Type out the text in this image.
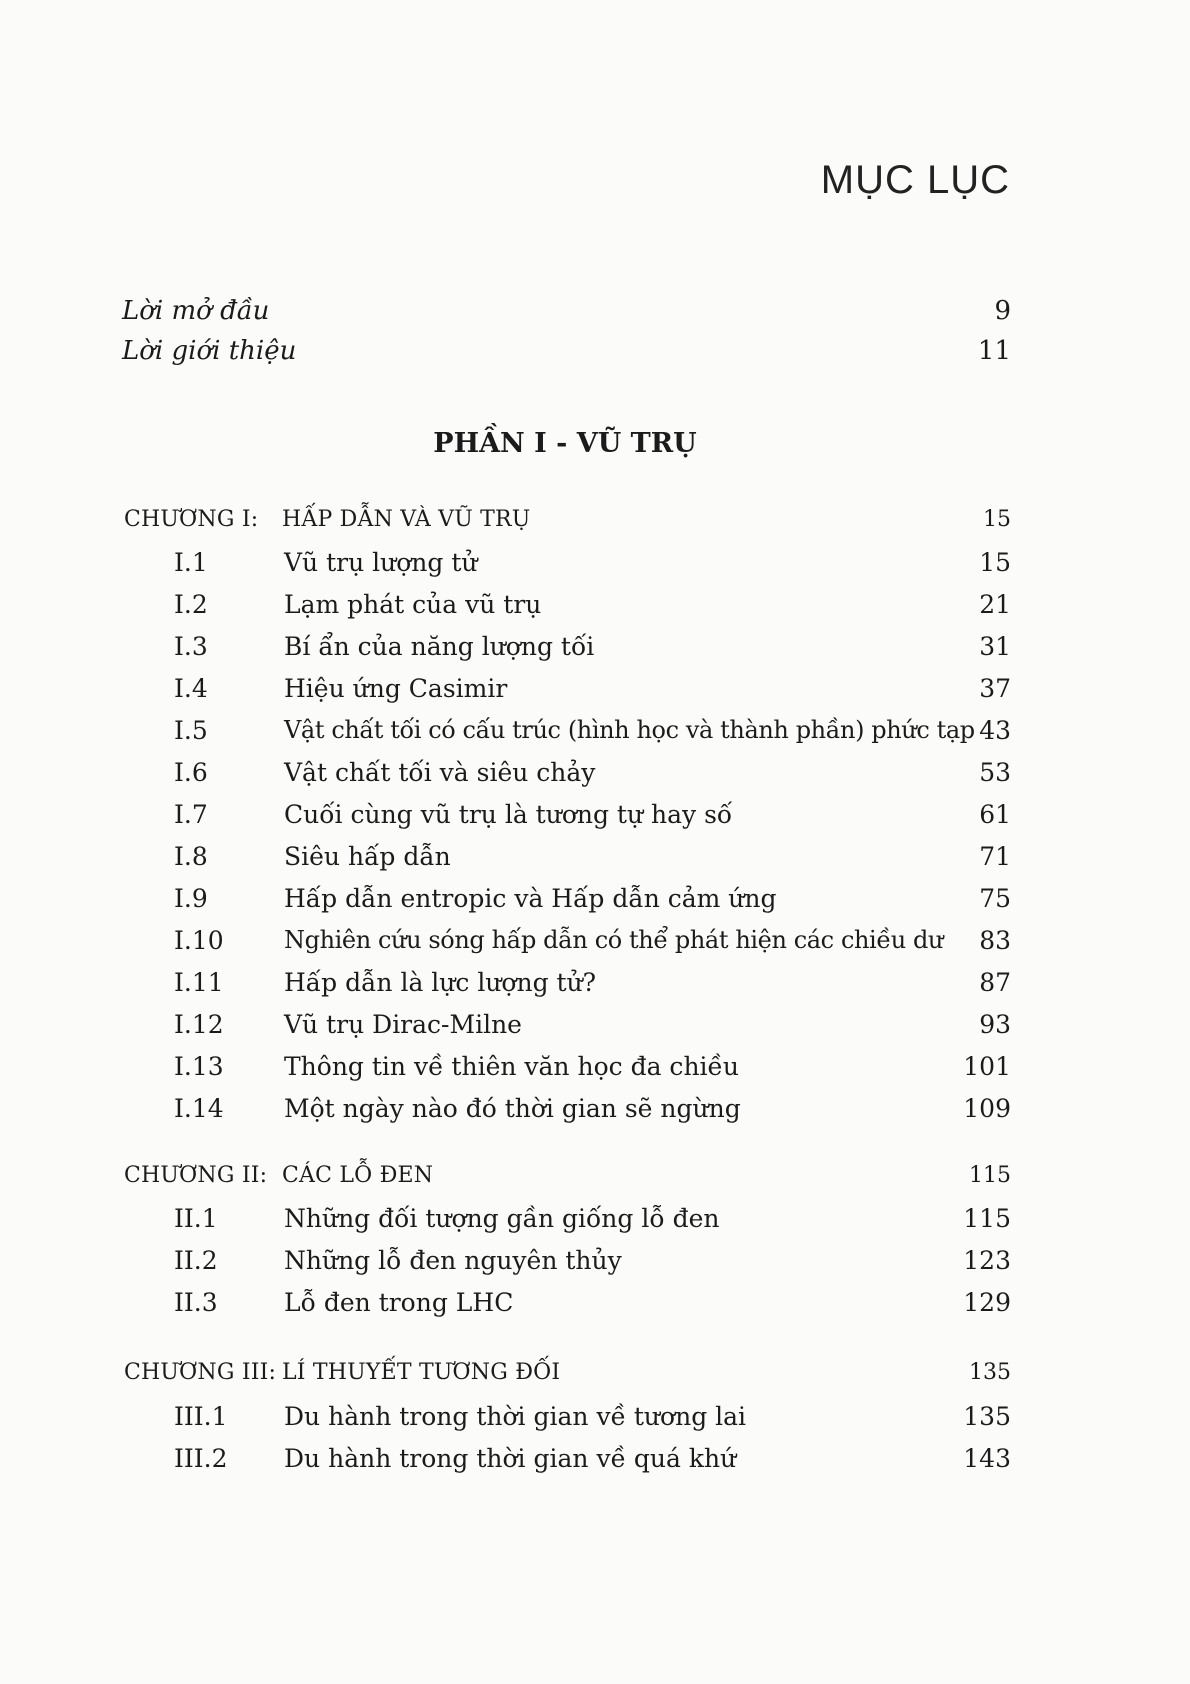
MỤC LỤC
Lời mở đầu	9
Lời giới thiệu	11
PHẦN I - VŨ TRỤ
CHƯƠNG I: HẤP DẪN VÀ VŨ TRỤ	15
I.1	Vũ trụ lượng tử	15
I.2	Lạm phát của vũ trụ	21
I.3	Bí ẩn của năng lượng tối	31
I.4	Hiệu ứng Casimir	37
I.5	Vật chất tối có cấu trúc (hình học và thành phần) phức tạp 43
I.6	Vật chất tối và siêu chảy	53
I.7	Cuối cùng vũ trụ là tương tự hay số	61
I.8	Siêu hấp dẫn	71
I.9	Hấp dẫn entropic và Hấp dẫn cảm ứng	75
I.10	Nghiên cứu sóng hấp dẫn có thể phát hiện các chiều dư 83
I.11 Hấp dẫn là lực lượng tử?	87
I.12 Vũ trụ Dirac-Milne	93
I.13 Thông tin về thiên văn học đa chiều	101
I.14 Một ngày nào đó thời gian sẽ ngừng	109
CHƯƠNG II: CÁC LỖ ĐEN	115
II.1	Những đối tượng gần giống lỗ đen	115
II.2	Những lỗ đen nguyên thủy	123
II.3	Lỗ đen trong LHC	129
CHƯƠNG III: LÍ THUYẾT TƯƠNG ĐỐI	135
III.1 Du hành trong thời gian về tương lai	135
III.2 Du hành trong thời gian về quá khứ	143
